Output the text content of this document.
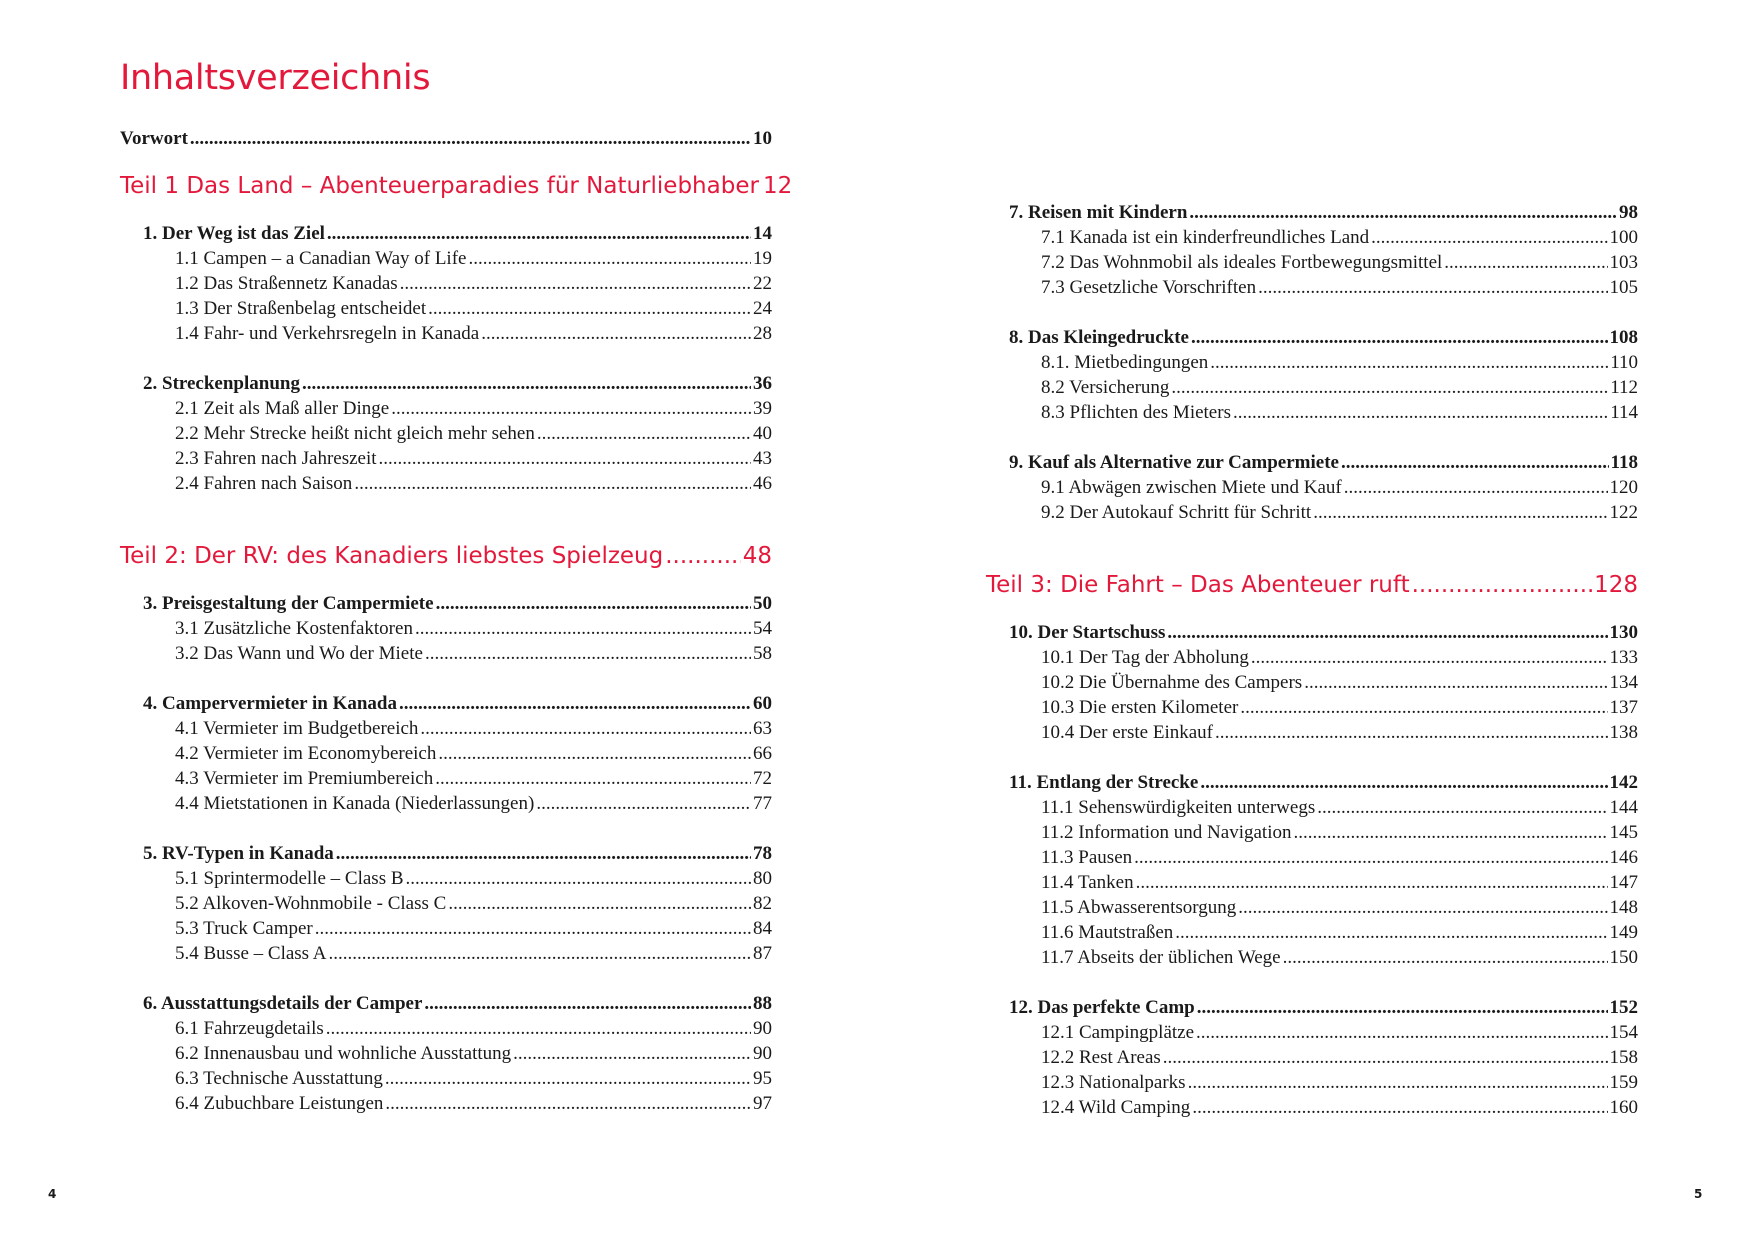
Inhaltsverzeichnis
Vorwort .....	10
Teil 1 Das Land – Abenteuerparadies für Naturliebhaber 12
1. Der Weg ist das Ziel .....	14
1.1 Campen – a Canadian Way of Life .....	19
1.2 Das Straßennetz Kanadas .....	22
1.3 Der Straßenbelag entscheidet .....	24
1.4 Fahr- und Verkehrsregeln in Kanada .....	28
2. Streckenplanung .....	36
2.1 Zeit als Maß aller Dinge .....	39
2.2 Mehr Strecke heißt nicht gleich mehr sehen .....	40
2.3 Fahren nach Jahreszeit .....	43
2.4 Fahren nach Saison .....	46
Teil 2: Der RV: des Kanadiers liebstes Spielzeug .....	48
3. Preisgestaltung der Campermiete .....	50
3.1 Zusätzliche Kostenfaktoren .....	54
3.2 Das Wann und Wo der Miete .....	58
4. Campervermieter in Kanada .....	60
4.1 Vermieter im Budgetbereich .....	63
4.2 Vermieter im Economybereich .....	66
4.3 Vermieter im Premiumbereich .....	72
4.4 Mietstationen in Kanada (Niederlassungen) .....	77
5. RV-Typen in Kanada .....	78
5.1 Sprintermodelle – Class B .....	80
5.2 Alkoven-Wohnmobile - Class C .....	82
5.3 Truck Camper .....	84
5.4 Busse – Class A .....	87
6. Ausstattungsdetails der Camper .....	88
6.1 Fahrzeugdetails .....	90
6.2 Innenausbau und wohnliche Ausstattung .....	90
6.3 Technische Ausstattung .....	95
6.4 Zubuchbare Leistungen .....	97
4
7. Reisen mit Kindern .....	98
7.1 Kanada ist ein kinderfreundliches Land .....	100
7.2 Das Wohnmobil als ideales Fortbewegungsmittel .....	103
7.3 Gesetzliche Vorschriften .....	105
8. Das Kleingedruckte .....	108
8.1. Mietbedingungen .....	110
8.2 Versicherung .....	112
8.3 Pflichten des Mieters .....	114
9. Kauf als Alternative zur Campermiete .....	118
9.1 Abwägen zwischen Miete und Kauf .....	120
9.2 Der Autokauf Schritt für Schritt .....	122
Teil 3: Die Fahrt – Das Abenteuer ruft .....	128
10. Der Startschuss .....	130
10.1 Der Tag der Abholung .....	133
10.2 Die Übernahme des Campers .....	134
10.3 Die ersten Kilometer .....	137
10.4 Der erste Einkauf .....	138
11. Entlang der Strecke .....	142
11.1 Sehenswürdigkeiten unterwegs .....	144
11.2 Information und Navigation .....	145
11.3 Pausen .....	146
11.4 Tanken .....	147
11.5 Abwasserentsorgung .....	148
11.6 Mautstraßen .....	149
11.7 Abseits der üblichen Wege .....	150
12. Das perfekte Camp .....	152
12.1 Campingplätze .....	154
12.2 Rest Areas .....	158
12.3 Nationalparks .....	159
12.4 Wild Camping .....	160
5
